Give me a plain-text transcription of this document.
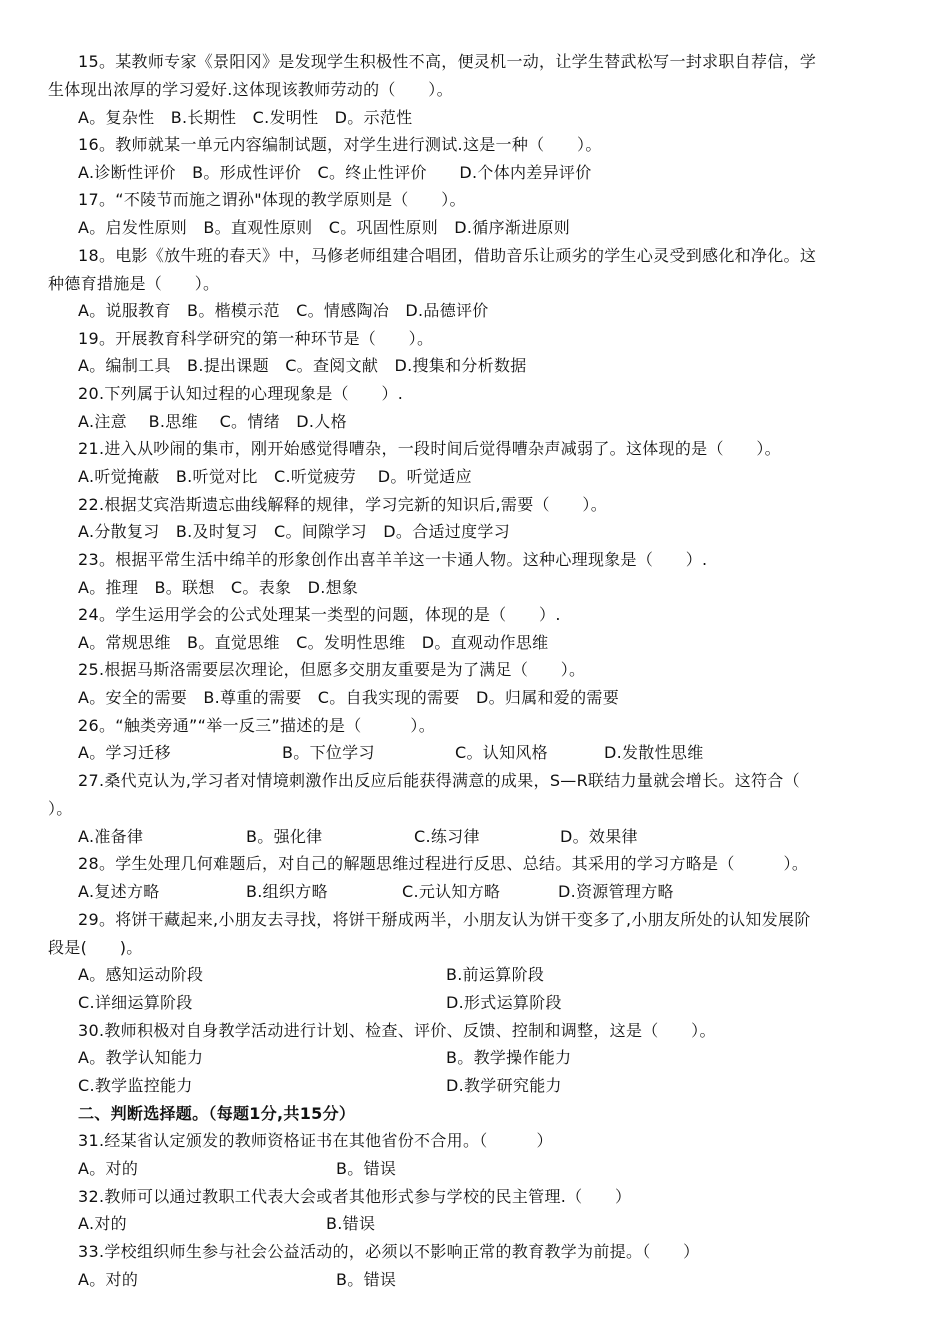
15。某教师专家《景阳冈》是发现学生积极性不高，便灵机一动，让学生替武松写一封求职自荐信，学
生体现出浓厚的学习爱好.这体现该教师劳动的（　　）。
A。复杂性　B.长期性　C.发明性　D。示范性
16。教师就某一单元内容编制试题，对学生进行测试.这是一种（　　）。
A.诊断性评价　B。形成性评价　C。终止性评价　　D.个体内差异评价
17。“不陵节而施之谓孙"体现的教学原则是（　　）。
A。启发性原则　B。直观性原则　C。巩固性原则　D.循序渐进原则
18。电影《放牛班的春天》中，马修老师组建合唱团，借助音乐让顽劣的学生心灵受到感化和净化。这
种德育措施是（　　）。
A。说服教育　B。楷模示范　C。情感陶冶　D.品德评价
19。开展教育科学研究的第一种环节是（　　）。
A。编制工具　B.提出课题　C。查阅文献　D.搜集和分析数据
20.下列属于认知过程的心理现象是（　　）.
A.注意　 B.思维　 C。情绪　D.人格
21.进入从吵闹的集市，刚开始感觉得嘈杂，一段时间后觉得嘈杂声减弱了。这体现的是（　　）。
A.听觉掩蔽　B.听觉对比　C.听觉疲劳　 D。听觉适应
22.根据艾宾浩斯遗忘曲线解释的规律，学习完新的知识后,需要（　　）。
A.分散复习　B.及时复习　C。间隙学习　D。合适过度学习
23。根据平常生活中绵羊的形象创作出喜羊羊这一卡通人物。这种心理现象是（　　）.
A。推理　B。联想　C。表象　D.想象
24。学生运用学会的公式处理某一类型的问题，体现的是（　　）.
A。常规思维　B。直觉思维　C。发明性思维　D。直观动作思维
25.根据马斯洛需要层次理论，但愿多交朋友重要是为了满足（　　）。
A。安全的需要　B.尊重的需要　C。自我实现的需要　D。归属和爱的需要
26。“触类旁通”“举一反三”描述的是（　　　）。
A。学习迁移	B。下位学习	C。认知风格	D.发散性思维
27.桑代克认为,学习者对情境刺激作出反应后能获得满意的成果，S—R联结力量就会增长。这符合（
）。
A.准备律	B。强化律	C.练习律	D。效果律
28。学生处理几何难题后，对自己的解题思维过程进行反思、总结。其采用的学习方略是（　　　）。
A.复述方略	B.组织方略	C.元认知方略	D.资源管理方略
29。将饼干藏起来,小朋友去寻找，将饼干掰成两半，小朋友认为饼干变多了,小朋友所处的认知发展阶
段是(　　)。
A。感知运动阶段	B.前运算阶段
C.详细运算阶段	D.形式运算阶段
30.教师积极对自身教学活动进行计划、检查、评价、反馈、控制和调整，这是（　　）。
A。教学认知能力	B。教学操作能力
C.教学监控能力	D.教学研究能力
二、判断选择题。（每题1分,共15分）
31.经某省认定颁发的教师资格证书在其他省份不合用。（　　　）
A。对的	B。错误
32.教师可以通过教职工代表大会或者其他形式参与学校的民主管理.（　　）
A.对的	B.错误
33.学校组织师生参与社会公益活动的，必须以不影响正常的教育教学为前提。（　　）
A。对的	B。错误
